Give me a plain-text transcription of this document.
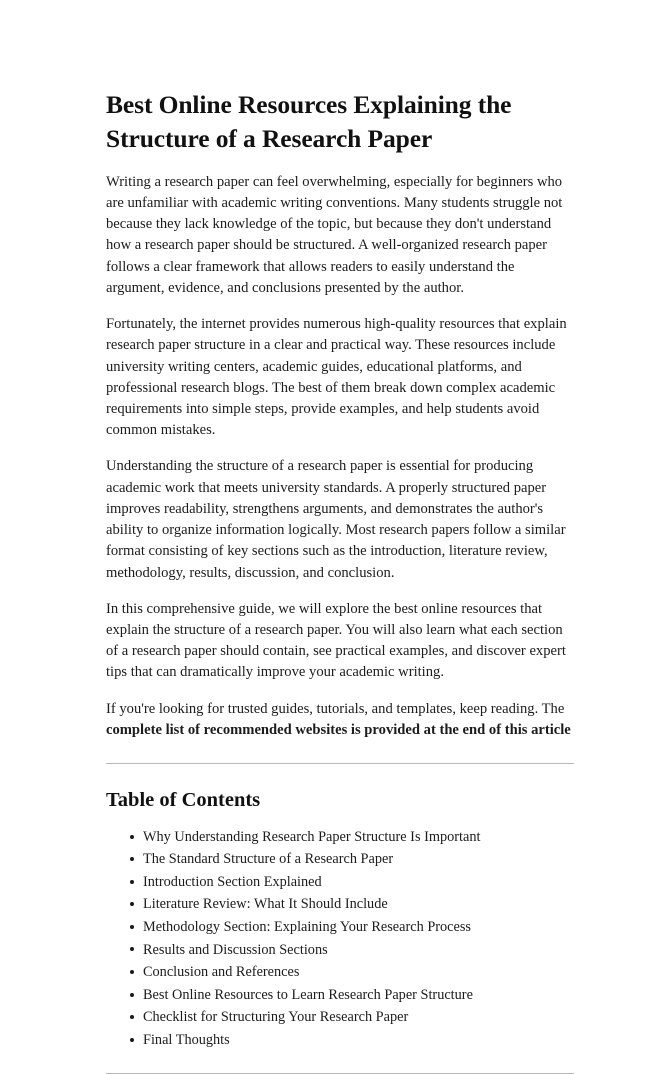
Best Online Resources Explaining the Structure of a Research Paper

Writing a research paper can feel overwhelming, especially for beginners who are unfamiliar with academic writing conventions. Many students struggle not because they lack knowledge of the topic, but because they don't understand how a research paper should be structured. A well-organized research paper follows a clear framework that allows readers to easily understand the argument, evidence, and conclusions presented by the author.

Fortunately, the internet provides numerous high-quality resources that explain research paper structure in a clear and practical way. These resources include university writing centers, academic guides, educational platforms, and professional research blogs. The best of them break down complex academic requirements into simple steps, provide examples, and help students avoid common mistakes.

Understanding the structure of a research paper is essential for producing academic work that meets university standards. A properly structured paper improves readability, strengthens arguments, and demonstrates the author's ability to organize information logically. Most research papers follow a similar format consisting of key sections such as the introduction, literature review, methodology, results, discussion, and conclusion.

In this comprehensive guide, we will explore the best online resources that explain the structure of a research paper. You will also learn what each section of a research paper should contain, see practical examples, and discover expert tips that can dramatically improve your academic writing.

If you're looking for trusted guides, tutorials, and templates, keep reading. The complete list of recommended websites is provided at the end of this article

Table of Contents
Why Understanding Research Paper Structure Is Important
The Standard Structure of a Research Paper
Introduction Section Explained
Literature Review: What It Should Include
Methodology Section: Explaining Your Research Process
Results and Discussion Sections
Conclusion and References
Best Online Resources to Learn Research Paper Structure
Checklist for Structuring Your Research Paper
Final Thoughts
